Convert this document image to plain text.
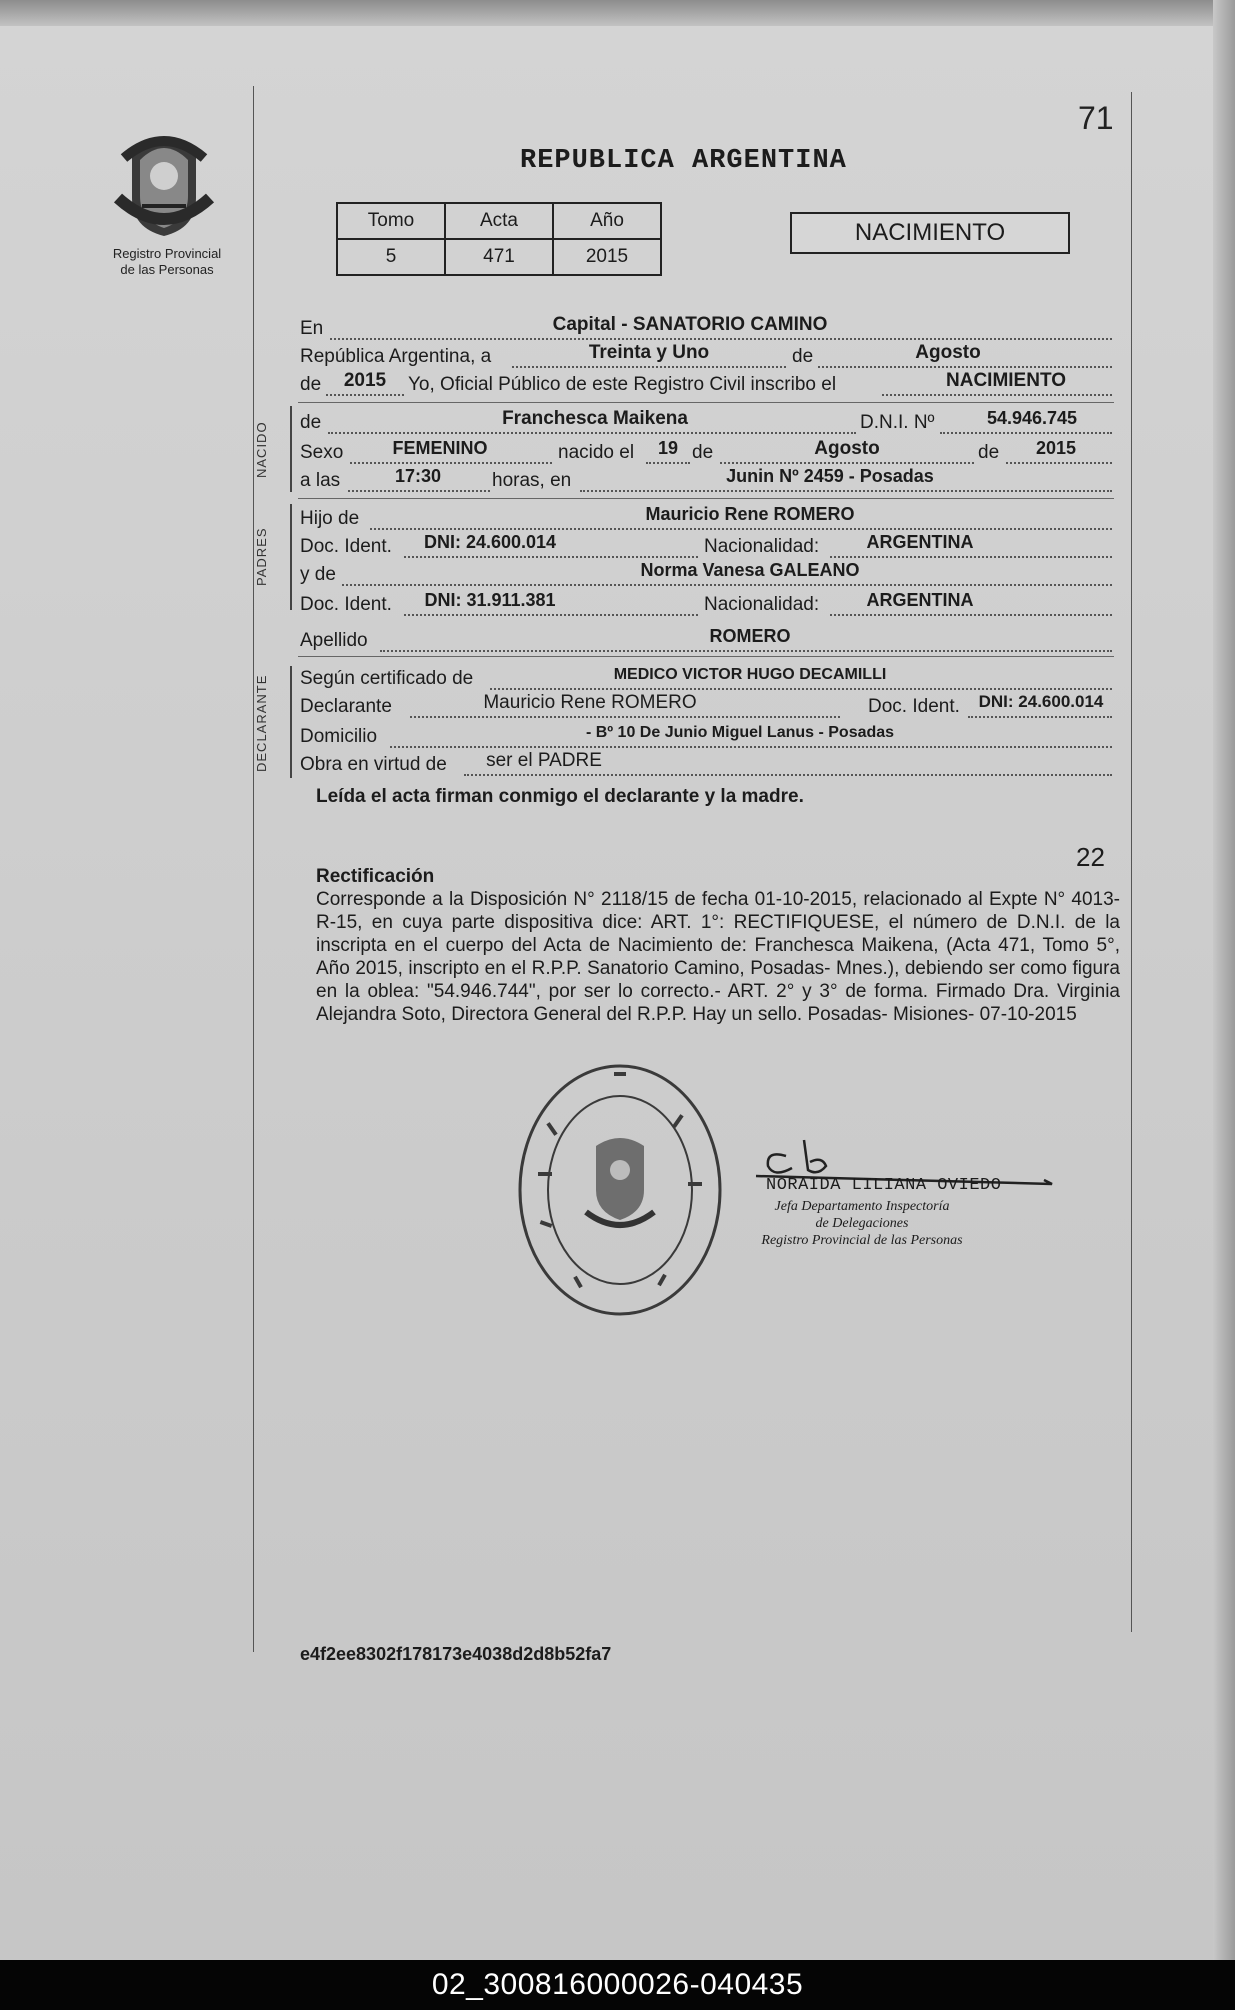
71
Registro Provincial
de las Personas
REPUBLICA ARGENTINA
Tomo	Acta	Año
5	471	2015
NACIMIENTO
En	Capital - SANATORIO CAMINO
República Argentina, a	Treinta y Uno	de	Agosto
de	2015	Yo, Oficial Público de este Registro Civil inscribo el	NACIMIENTO
NACIDO de	Franchesca Maikena	D.N.I. Nº	54.946.745
Sexo	FEMENINO	nacido el	19 de	Agosto	de	2015
a las	17:30	horas, en	Junin Nº 2459 - Posadas
PADRES
Hijo de	Mauricio Rene ROMERO
Doc. Ident.	DNI: 24.600.014	Nacionalidad:	ARGENTINA
y de	Norma Vanesa GALEANO
Doc. Ident.	DNI: 31.911.381	Nacionalidad:	ARGENTINA
Apellido	ROMERO
DECLARANTE Según certificado de	MEDICO VICTOR HUGO DECAMILLI
Declarante	Mauricio Rene ROMERO	Doc. Ident.	DNI: 24.600.014
Domicilio	- Bº 10 De Junio Miguel Lanus - Posadas
Obra en virtud de	ser el PADRE
Leída el acta firman conmigo el declarante y la madre.
22
Rectificación
Corresponde a la Disposición N° 2118/15 de fecha 01-10-2015, relacionado al Expte N° 4013-R-15, en cuya parte dispositiva dice: ART. 1°: RECTIFIQUESE, el número de D.N.I. de la inscripta en el cuerpo del Acta de Nacimiento de: Franchesca Maikena, (Acta 471, Tomo 5°, Año 2015, inscripto en el R.P.P. Sanatorio Camino, Posadas- Mnes.), debiendo ser como figura en la oblea: "54.946.744", por ser lo correcto.- ART. 2° y 3° de forma. Firmado Dra. Virginia Alejandra Soto, Directora General del R.P.P. Hay un sello. Posadas- Misiones- 07-10-2015
NORAIDA LILIANA OVIEDO
Jefa Departamento Inspectoría
de Delegaciones
Registro Provincial de las Personas
e4f2ee8302f178173e4038d2d8b52fa7
02_300816000026-040435
